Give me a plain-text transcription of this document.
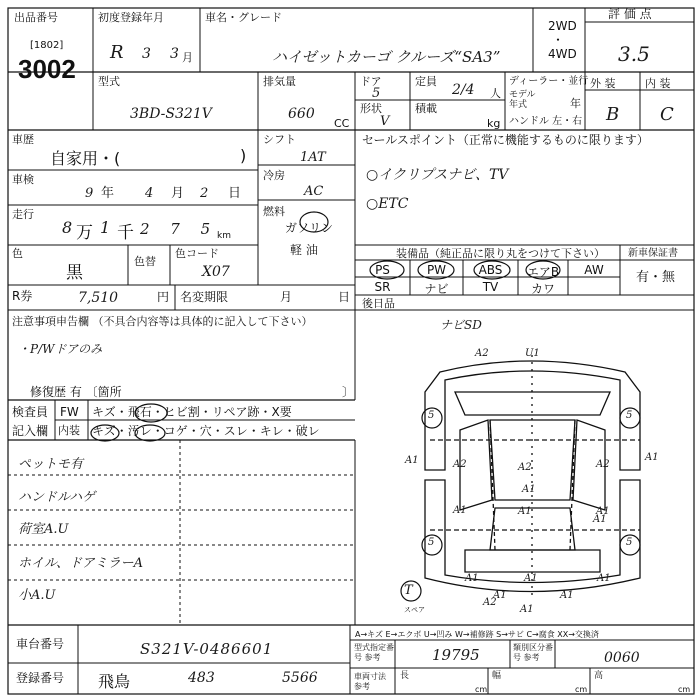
出品番号
[1802]
3002
初度登録年月
R 3 3 月
車名・グレード
ハイゼットカーゴ クルーズ“SA3”
2WD
・
4WD
評 価 点
3.5
型式
3BD-S321V
排気量
660
CC
ドア
5
定員
2/4 人
形状
V
積載
kg
ディーラー・並行
モデル年式	年
ハンドル 左・右
外 装	内 装
B C
車歴
自家用・(	)
シフト
1AT
車検
9 年 4 月 2 日
冷房
AC
走行
8 万 1 千 2 7 5
km
燃料
ガソリン
軽 油
色
黒
色替
色コード
X07
R券	7,510	円 名変期限	月	日
注意事項申告欄 （不具合内容等は具体的に記入して下さい）
・P/Wドアのみ
修復歴 有 〔箇所	〕
検査員
記入欄
FW キズ・飛石・ヒビ割・リペア跡・X要
内装 キズ・汚レ・コゲ・穴・スレ・キレ・破レ
ペットモ有
ハンドルハゲ
荷室A.U
ホイル、ドアミラーA
小A.U
セールスポイント（正常に機能するものに限ります）
○イクリプスナビ、TV
○ETC
装備品（純正品に限り丸をつけて下さい） 新車保証書
有・無
PS	PW	ABS	エアB	AW
SR	ナビ	TV	カワ
後日品
ナビSD
A2	U1
5	5
A1	A2	A2
A1
A2
A1
A1	A1	A1
A1
A1
5	5
A1
A1	A1
A1
A2
A1
T
スペア
A→キズ E→エクボ U→凹み W→補修跡 S→サビ C→腐食 XX→交換済
車台番号	S321V-0486601
登録番号 飛鳥	483	5566
型式指定番号 参考	19795	類別区分番号 参考	0060
車両寸法 参考
長
cm
幅
cm
高
cm
